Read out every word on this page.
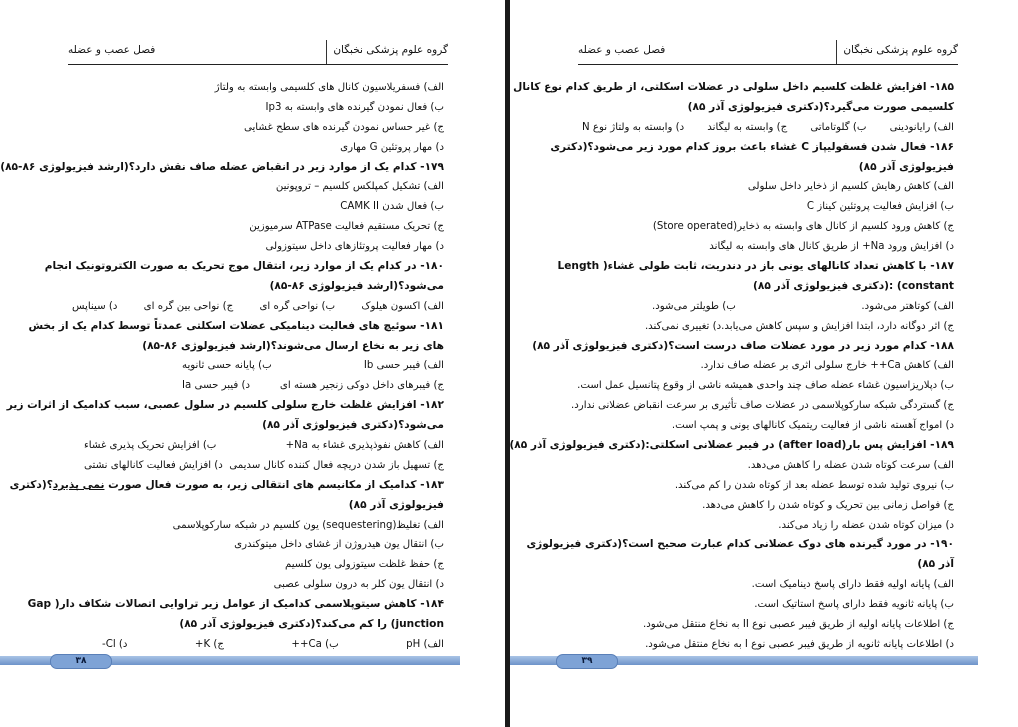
گروه علوم پزشکی نخبگان
فصل عصب و عضله
الف) فسفریلاسیون کانال های کلسیمی وابسته به ولتاژ
ب) فعال نمودن گیرنده های وابسته به Ip3
ج) غیر حساس نمودن گیرنده های سطح غشایی
د) مهار پروتئین G مهاری
۱۷۹- کدام یک از موارد زیر در انقباض عضله صاف نقش دارد؟(ارشد فیزیولوژی ۸۶-۸۵)
الف) تشکیل کمپلکس کلسیم – تروپونین
ب) فعال شدن CAMK II
ج) تحریک مستقیم فعالیت ATPase سرمیوزین
د) مهار فعالیت پروتئازهای داخل سیتوزولی
۱۸۰- در کدام یک از موارد زیر، انتقال موج تحریک به صورت الکتروتونیک انجام
می‌شود؟(ارشد فیزیولوژی ۸۶-۸۵)
الف) اکسون هیلوک
ب) نواحی گره ای
ج) نواحی بین گره ای
د) سیناپس
۱۸۱- سوئیچ های فعالیت دینامیکی عضلات اسکلتی عمدتاً توسط کدام یک از بخش
های زیر به نخاع ارسال می‌شوند؟(ارشد فیزیولوژی ۸۶-۸۵)
الف) فیبر حسی Ib
ب) پایانه حسی ثانویه
ج) فیبرهای داخل دوکی زنجیر هسته ای
د) فیبر حسی Ia
۱۸۲- افزایش غلظت خارج سلولی کلسیم در سلول عصبی، سبب کدامیک از اثرات زیر
می‌شود؟(دکتری فیزیولوژی آذر ۸۵)
الف) کاهش نفوذپذیری غشاء به Na+
ب) افزایش تحریک پذیری غشاء
ج) تسهیل باز شدن دریچه فعال کننده کانال سدیمی
د) افزایش فعالیت کانالهای نشتی
۱۸۳- کدامیک از مکانیسم های انتقالی زیر، به صورت فعال صورت نمی پذیرد؟(دکتری
فیزیولوژی آذر ۸۵)
الف) تغلیظ(sequestering) یون کلسیم در شبکه سارکوپلاسمی
ب) انتقال یون هیدروژن از غشای داخل میتوکندری
ج) حفظ غلظت سیتوزولی یون کلسیم
د) انتقال یون کلر به درون سلولی عصبی
۱۸۴- کاهش سیتوپلاسمی کدامیک از عوامل زیر تراوایی اتصالات شکاف دار( Gap
junction) را کم می‌کند؟(دکتری فیزیولوژی آذر ۸۵)
الف) pH
ب) Ca++
ج) K+
د) Cl-
۳۸
گروه علوم پزشکی نخبگان
فصل عصب و عضله
۱۸۵- افزایش غلظت کلسیم داخل سلولی در عضلات اسکلتی، از طریق کدام نوع کانال
کلسیمی صورت می‌گیرد؟(دکتری فیزیولوژی آذر ۸۵)
الف) رایانودینی
ب) گلوتاماتی
ج) وابسته به لیگاند
د) وابسته به ولتاژ نوع N
۱۸۶- فعال شدن فسفولیپاز C غشاء باعث بروز کدام مورد زیر می‌شود؟(دکتری
فیزیولوژی آذر ۸۵)
الف) کاهش رهایش کلسیم از ذخایر داخل سلولی
ب) افزایش فعالیت پروتئین کیناز C
ج) کاهش ورود کلسیم از کانال های وابسته به ذخایر(Store operated)
د) افزایش ورود Na+ از طریق کانال های وابسته به لیگاند
۱۸۷- با کاهش تعداد کانالهای یونی باز در دندریت، ثابت طولی غشاء( Length
constant) :(دکتری فیزیولوژی آذر ۸۵)
الف) کوتاهتر می‌شود.
ب) طویلتر می‌شود.
ج) اثر دوگانه دارد، ابتدا افزایش و سپس کاهش می‌یابد.
د) تغییری نمی‌کند.
۱۸۸- کدام مورد زیر در مورد عضلات صاف درست است؟(دکتری فیزیولوژی آذر ۸۵)
الف) کاهش Ca++ خارج سلولی اثری بر عضله صاف ندارد.
ب) دپلاریزاسیون غشاء عضله صاف چند واحدی همیشه ناشی از وقوع پتانسیل عمل است.
ج) گستردگی شبکه سارکوپلاسمی در عضلات صاف تأثیری بر سرعت انقباض عضلانی ندارد.
د) امواج آهسته ناشی از فعالیت ریتمیک کانالهای یونی و پمپ است.
۱۸۹- افزایش پس بار(after load) در فیبر عضلانی اسکلتی:(دکتری فیزیولوژی آذر ۸۵)
الف) سرعت کوتاه شدن عضله را کاهش می‌دهد.
ب) نیروی تولید شده توسط عضله بعد از کوتاه شدن را کم می‌کند.
ج) فواصل زمانی بین تحریک و کوتاه شدن را کاهش می‌دهد.
د) میزان کوتاه شدن عضله را زیاد می‌کند.
۱۹۰- در مورد گیرنده های دوک عضلانی کدام عبارت صحیح است؟(دکتری فیزیولوژی
آذر ۸۵)
الف) پایانه اولیه فقط دارای پاسخ دینامیک است.
ب) پایانه ثانویه فقط دارای پاسخ استاتیک است.
ج) اطلاعات پایانه اولیه از طریق فیبر عصبی نوع II به نخاع منتقل می‌شود.
د) اطلاعات پایانه ثانویه از طریق فیبر عصبی نوع I به نخاع منتقل می‌شود.
۳۹
